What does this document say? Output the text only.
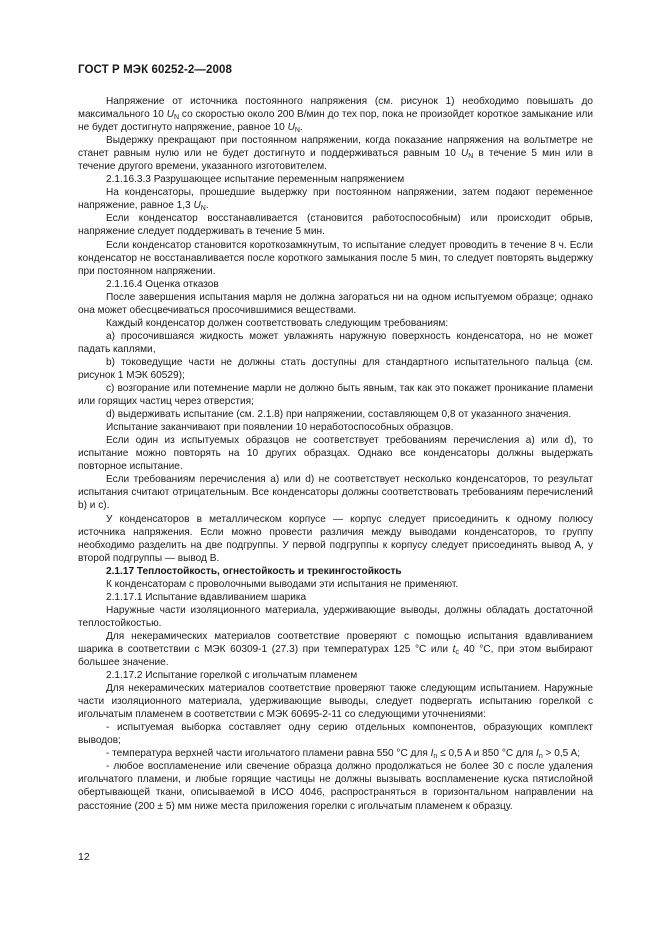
ГОСТ Р МЭК 60252-2—2008

Напряжение от источника постоянного напряжения (см. рисунок 1) необходимо повышать до максимального 10 $U_N$ со скоростью около 200 В/мин до тех пор, пока не произойдет короткое замыкание или не будет достигнуто напряжение, равное 10 $U_N$.

Выдержку прекращают при постоянном напряжении, когда показание напряжения на вольтметре не станет равным нулю или не будет достигнуто и поддерживаться равным 10 $U_N$ в течение 5 мин или в течение другого времени, указанного изготовителем.

2.1.16.3.3 Разрушающее испытание переменным напряжением

На конденсаторы, прошедшие выдержку при постоянном напряжении, затем подают переменное напряжение, равное 1,3 $U_N$.

Если конденсатор восстанавливается (становится работоспособным) или происходит обрыв, напряжение следует поддерживать в течение 5 мин.

Если конденсатор становится короткозамкнутым, то испытание следует проводить в течение 8 ч. Если конденсатор не восстанавливается после короткого замыкания после 5 мин, то следует повторять выдержку при постоянном напряжении.

2.1.16.4 Оценка отказов

После завершения испытания марля не должна загораться ни на одном испытуемом образце; однако она может обесцвечиваться просочившимися веществами.

Каждый конденсатор должен соответствовать следующим требованиям:

a) просочившаяся жидкость может увлажнять наружную поверхность конденсатора, но не может падать каплями,

b) токоведущие части не должны стать доступны для стандартного испытательного пальца (см. рисунок 1 МЭК 60529);

c) возгорание или потемнение марли не должно быть явным, так как это покажет проникание пламени или горящих частиц через отверстия;

d) выдерживать испытание (см. 2.1.8) при напряжении, составляющем 0,8 от указанного значения.

Испытание заканчивают при появлении 10 неработоспособных образцов.

Если один из испытуемых образцов не соответствует требованиям перечисления a) или d), то испытание можно повторять на 10 других образцах. Однако все конденсаторы должны выдержать повторное испытание.

Если требованиям перечисления a) или d) не соответствует несколько конденсаторов, то результат испытания считают отрицательным. Все конденсаторы должны соответствовать требованиям перечислений b) и c).

У конденсаторов в металлическом корпусе — корпус следует присоединить к одному полюсу источника напряжения. Если можно провести различия между выводами конденсаторов, то группу необходимо разделить на две подгруппы. У первой подгруппы к корпусу следует присоединять вывод A, у второй подгруппы — вывод B.

2.1.17 Теплостойкость, огнестойкость и трекингостойкость

К конденсаторам с проволочными выводами эти испытания не применяют.

2.1.17.1 Испытание вдавливанием шарика

Наружные части изоляционного материала, удерживающие выводы, должны обладать достаточной теплостойкостью.

Для некерамических материалов соответствие проверяют с помощью испытания вдавливанием шарика в соответствии с МЭК 60309-1 (27.3) при температурах 125 °C или $t_c$ 40 °C, при этом выбирают большее значение.

2.1.17.2 Испытание горелкой с игольчатым пламенем

Для некерамических материалов соответствие проверяют также следующим испытанием. Наружные части изоляционного материала, удерживающие выводы, следует подвергать испытанию горелкой с игольчатым пламенем в соответствии с МЭК 60695-2-11 со следующими уточнениями:

- испытуемая выборка составляет одну серию отдельных компонентов, образующих комплект выводов;

- температура верхней части игольчатого пламени равна 550 °C для $I_n \le 0,5$ A и 850 °C для $I_n > 0,5$ A;

- любое воспламенение или свечение образца должно продолжаться не более 30 с после удаления игольчатого пламени, и любые горящие частицы не должны вызывать воспламенение куска пятислойной обертывающей ткани, описываемой в ИСО 4046, распространяться в горизонтальном направлении на расстояние (200 ± 5) мм ниже места приложения горелки с игольчатым пламенем к образцу.

12
